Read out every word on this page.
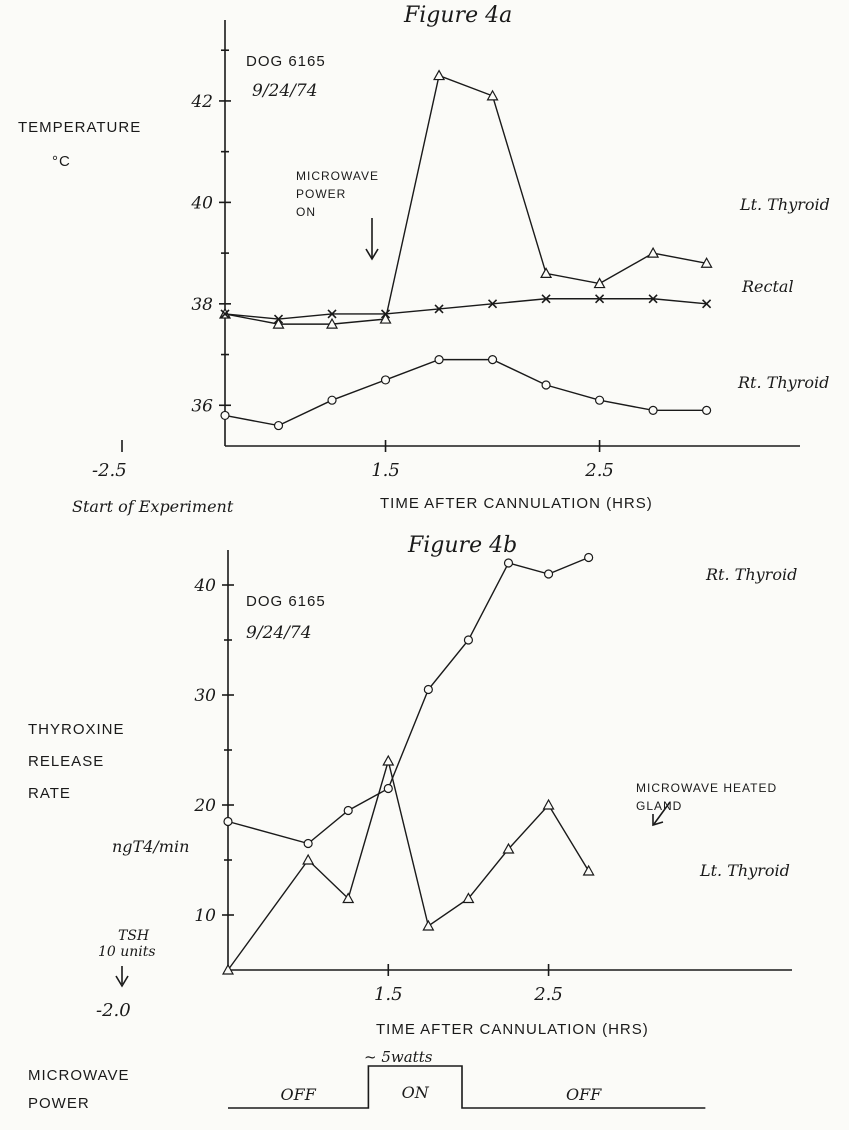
Figure 4a
DOG 6165
9/24/74
TEMPERATURE
°C
36
38
40
42
1.5	2.5
-2.5
Start of Experiment	TIME AFTER CANNULATION (HRS)
MICROWAVE POWER ON	Lt. Thyroid
Rectal
Rt. Thyroid
Figure 4b
DOG 6165
9/24/74
THYROXINE RELEASE RATE
ngT4/min
10
20
30
40
1.5	2.5
TSH 10 units
-2.0
TIME AFTER CANNULATION (HRS)
MICROWAVE HEATED GLAND
Rt. Thyroid
Lt. Thyroid
MICROWAVE POWER	OFF	ON	OFF
~ 5watts
